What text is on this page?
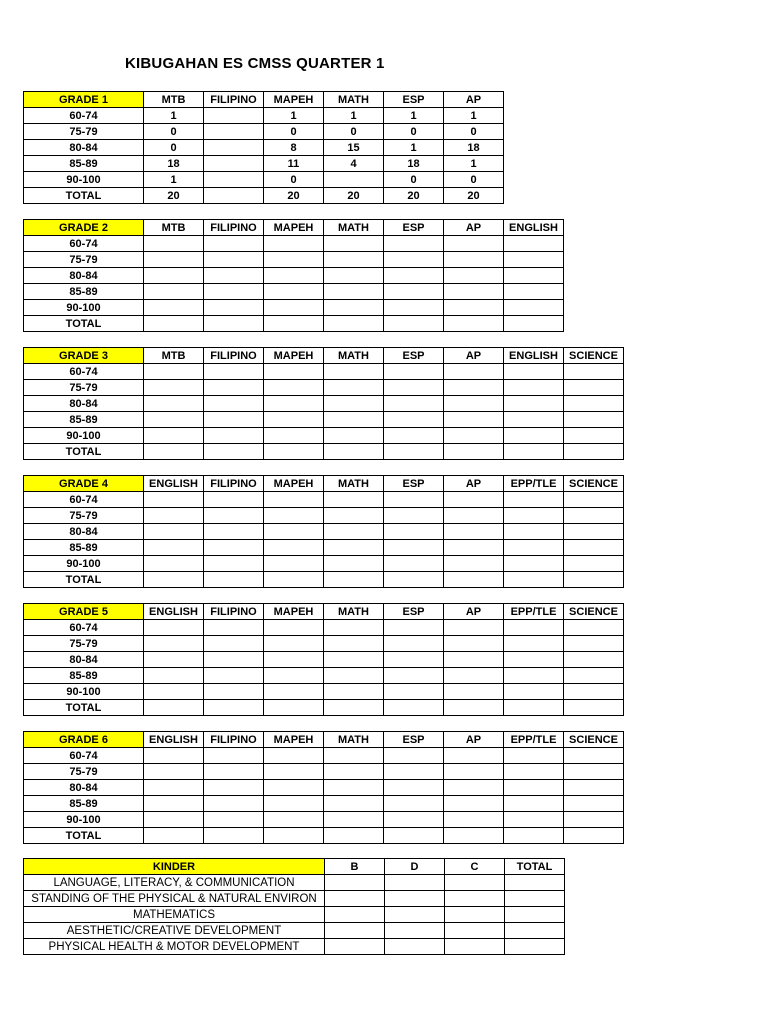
KIBUGAHAN ES CMSS QUARTER 1
GRADE 1	MTB	FILIPINO	MAPEH	MATH	ESP	AP
60-74	1		1	1	1	1
75-79	0		0	0	0	0
80-84	0		8	15	1	18
85-89	18		11	4	18	1
90-100	1		0		0	0
TOTAL	20		20	20	20	20
GRADE 2	MTB	FILIPINO	MAPEH	MATH	ESP	AP	ENGLISH
60-74							
75-79							
80-84							
85-89							
90-100							
TOTAL							
GRADE 3	MTB	FILIPINO	MAPEH	MATH	ESP	AP	ENGLISH	SCIENCE
60-74								
75-79								
80-84								
85-89								
90-100								
TOTAL								
GRADE 4	ENGLISH	FILIPINO	MAPEH	MATH	ESP	AP	EPP/TLE	SCIENCE
60-74								
75-79								
80-84								
85-89								
90-100								
TOTAL								
GRADE 5	ENGLISH	FILIPINO	MAPEH	MATH	ESP	AP	EPP/TLE	SCIENCE
60-74								
75-79								
80-84								
85-89								
90-100								
TOTAL								
GRADE 6	ENGLISH	FILIPINO	MAPEH	MATH	ESP	AP	EPP/TLE	SCIENCE
60-74								
75-79								
80-84								
85-89								
90-100								
TOTAL								
KINDER	B	D	C	TOTAL
LANGUAGE, LITERACY, & COMMUNICATION				
STANDING OF THE PHYSICAL & NATURAL ENVIRON				
MATHEMATICS				
AESTHETIC/CREATIVE DEVELOPMENT				
PHYSICAL HEALTH & MOTOR DEVELOPMENT				
